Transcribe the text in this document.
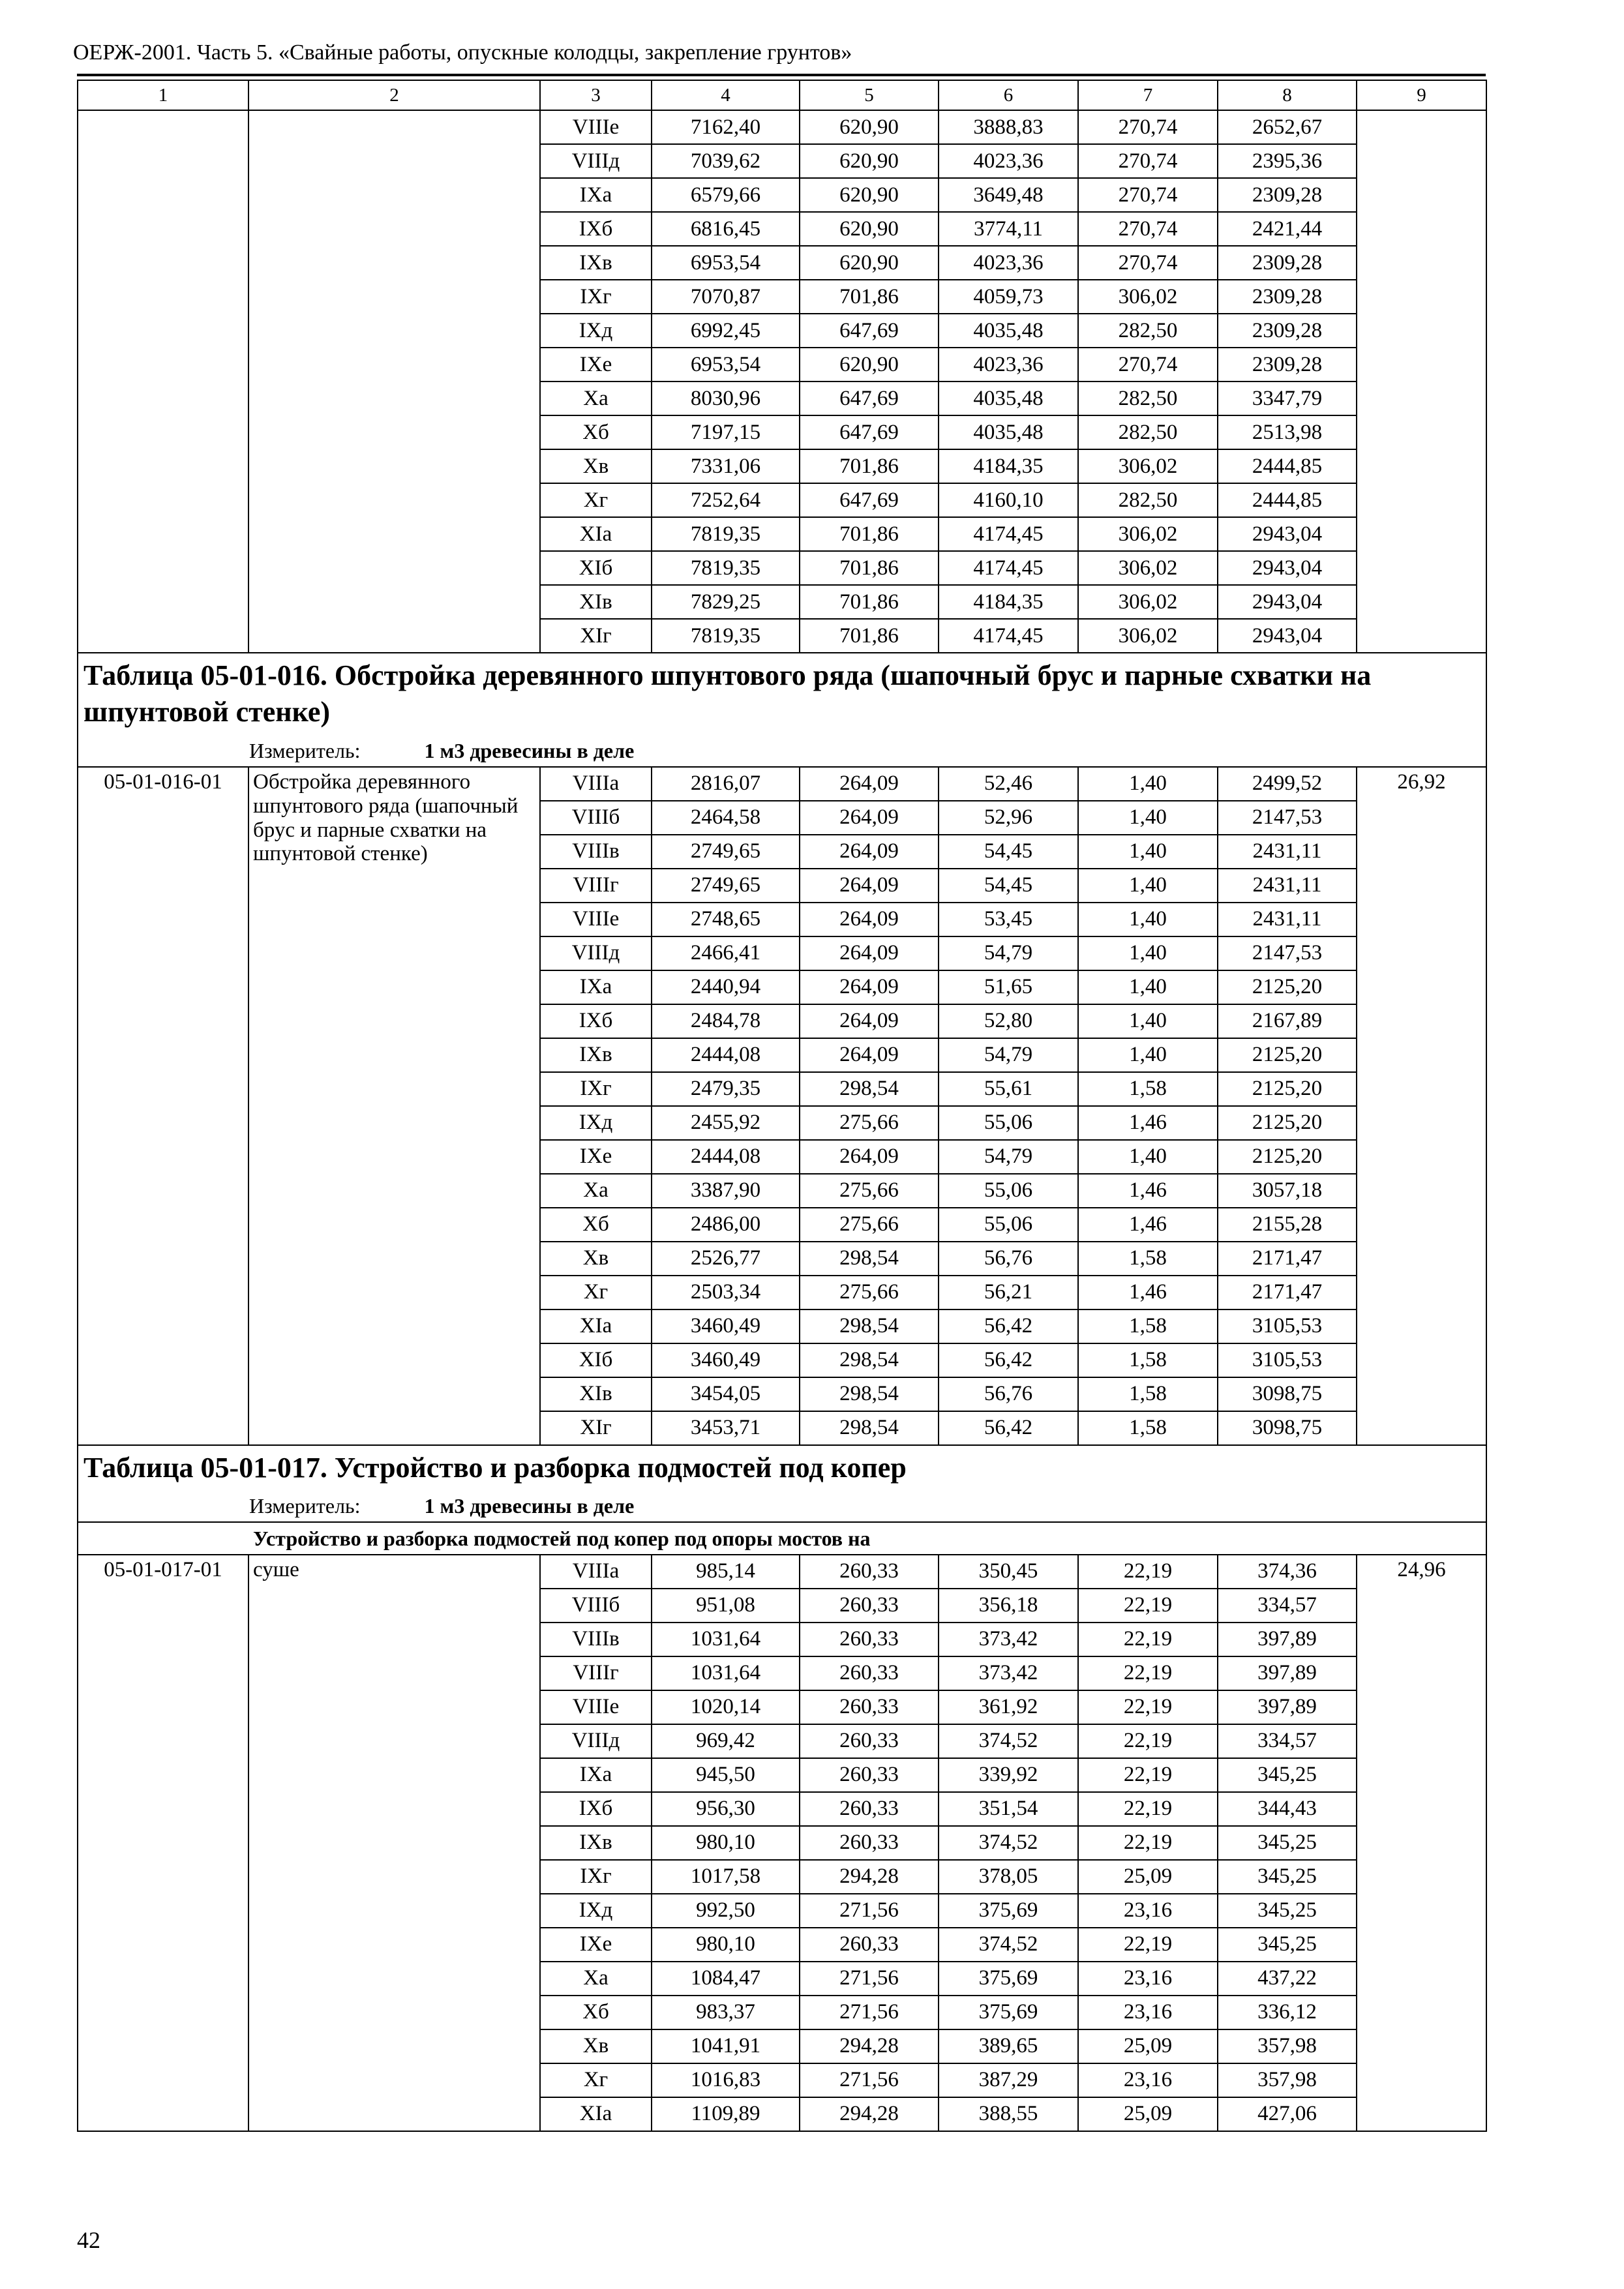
ОЕРЖ-2001. Часть 5. «Свайные работы, опускные колодцы, закрепление грунтов»
1	2	3	4	5	6	7	8	9
		VIIIе	7162,40	620,90	3888,83	270,74	2652,67	
		VIIIд	7039,62	620,90	4023,36	270,74	2395,36	
		IXа	6579,66	620,90	3649,48	270,74	2309,28	
		IXб	6816,45	620,90	3774,11	270,74	2421,44	
		IXв	6953,54	620,90	4023,36	270,74	2309,28	
		IXг	7070,87	701,86	4059,73	306,02	2309,28	
		IXд	6992,45	647,69	4035,48	282,50	2309,28	
		IXе	6953,54	620,90	4023,36	270,74	2309,28	
		Xа	8030,96	647,69	4035,48	282,50	3347,79	
		Xб	7197,15	647,69	4035,48	282,50	2513,98	
		Xв	7331,06	701,86	4184,35	306,02	2444,85	
		Xг	7252,64	647,69	4160,10	282,50	2444,85	
		XIа	7819,35	701,86	4174,45	306,02	2943,04	
		XIб	7819,35	701,86	4174,45	306,02	2943,04	
		XIв	7829,25	701,86	4184,35	306,02	2943,04	
		XIг	7819,35	701,86	4174,45	306,02	2943,04	
Таблица 05-01-016. Обстройка деревянного шпунтового ряда (шапочный брус и парные схватки на шпунтовой стенке)								
Измеритель: 1 м3 древесины в деле								
05-01-016-01	Обстройка деревянного шпунтового ряда (шапочный брус и парные схватки на шпунтовой стенке)	VIIIа	2816,07	264,09	52,46	1,40	2499,52	26,92
		VIIIб	2464,58	264,09	52,96	1,40	2147,53	
		VIIIв	2749,65	264,09	54,45	1,40	2431,11	
		VIIIг	2749,65	264,09	54,45	1,40	2431,11	
		VIIIе	2748,65	264,09	53,45	1,40	2431,11	
		VIIIд	2466,41	264,09	54,79	1,40	2147,53	
		IXа	2440,94	264,09	51,65	1,40	2125,20	
		IXб	2484,78	264,09	52,80	1,40	2167,89	
		IXв	2444,08	264,09	54,79	1,40	2125,20	
		IXг	2479,35	298,54	55,61	1,58	2125,20	
		IXд	2455,92	275,66	55,06	1,46	2125,20	
		IXе	2444,08	264,09	54,79	1,40	2125,20	
		Xа	3387,90	275,66	55,06	1,46	3057,18	
		Xб	2486,00	275,66	55,06	1,46	2155,28	
		Xв	2526,77	298,54	56,76	1,58	2171,47	
		Xг	2503,34	275,66	56,21	1,46	2171,47	
		XIа	3460,49	298,54	56,42	1,58	3105,53	
		XIб	3460,49	298,54	56,42	1,58	3105,53	
		XIв	3454,05	298,54	56,76	1,58	3098,75	
		XIг	3453,71	298,54	56,42	1,58	3098,75	
Таблица 05-01-017. Устройство и разборка подмостей под копер								
Измеритель: 1 м3 древесины в деле								
Устройство и разборка подмостей под копер под опоры мостов на								
05-01-017-01	суше	VIIIа	985,14	260,33	350,45	22,19	374,36	24,96
		VIIIб	951,08	260,33	356,18	22,19	334,57	
		VIIIв	1031,64	260,33	373,42	22,19	397,89	
		VIIIг	1031,64	260,33	373,42	22,19	397,89	
		VIIIе	1020,14	260,33	361,92	22,19	397,89	
		VIIIд	969,42	260,33	374,52	22,19	334,57	
		IXа	945,50	260,33	339,92	22,19	345,25	
		IXб	956,30	260,33	351,54	22,19	344,43	
		IXв	980,10	260,33	374,52	22,19	345,25	
		IXг	1017,58	294,28	378,05	25,09	345,25	
		IXд	992,50	271,56	375,69	23,16	345,25	
		IXе	980,10	260,33	374,52	22,19	345,25	
		Xа	1084,47	271,56	375,69	23,16	437,22	
		Xб	983,37	271,56	375,69	23,16	336,12	
		Xв	1041,91	294,28	389,65	25,09	357,98	
		Xг	1016,83	271,56	387,29	23,16	357,98	
		XIа	1109,89	294,28	388,55	25,09	427,06	
42
